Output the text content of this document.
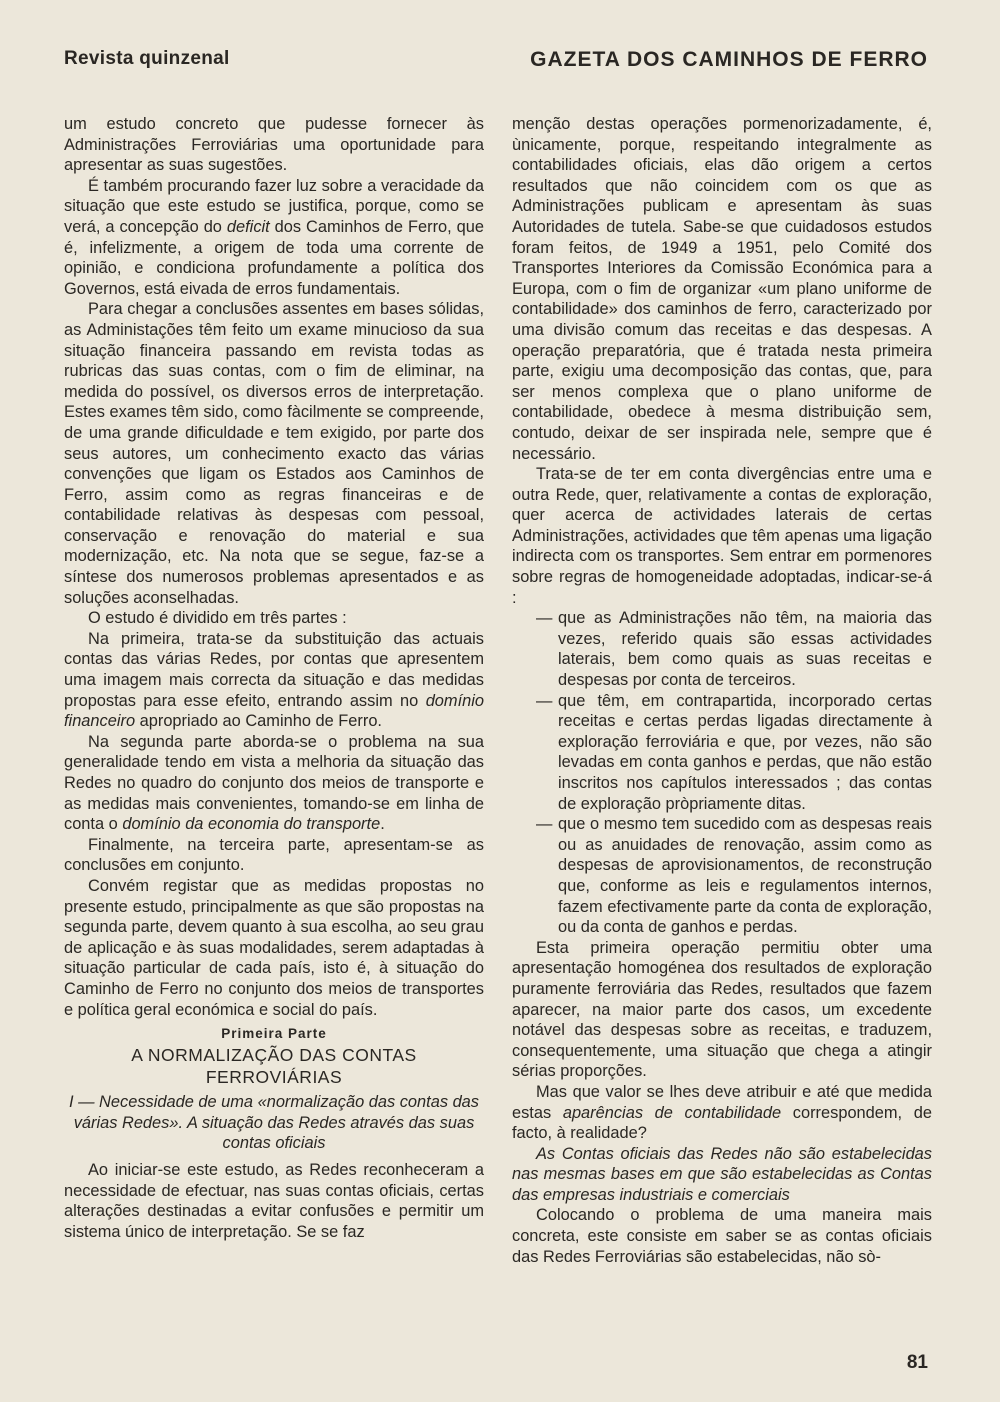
Revista quinzenal	GAZETA DOS CAMINHOS DE FERRO

um estudo concreto que pudesse fornecer às Administrações Ferroviárias uma oportunidade para apresentar as suas sugestões.

É também procurando fazer luz sobre a veracidade da situação que este estudo se justifica, porque, como se verá, a concepção do deficit dos Caminhos de Ferro, que é, infelizmente, a origem de toda uma corrente de opinião, e condiciona profundamente a política dos Governos, está eivada de erros fundamentais.

Para chegar a conclusões assentes em bases sólidas, as Administações têm feito um exame minucioso da sua situação financeira passando em revista todas as rubricas das suas contas, com o fim de eliminar, na medida do possível, os diversos erros de interpretação. Estes exames têm sido, como fàcilmente se compreende, de uma grande dificuldade e tem exigido, por parte dos seus autores, um conhecimento exacto das várias convenções que ligam os Estados aos Caminhos de Ferro, assim como as regras financeiras e de contabilidade relativas às despesas com pessoal, conservação e renovação do material e sua modernização, etc. Na nota que se segue, faz-se a síntese dos numerosos problemas apresentados e as soluções aconselhadas.

O estudo é dividido em três partes :

Na primeira, trata-se da substituição das actuais contas das várias Redes, por contas que apresentem uma imagem mais correcta da situação e das medidas propostas para esse efeito, entrando assim no domínio financeiro apropriado ao Caminho de Ferro.

Na segunda parte aborda-se o problema na sua generalidade tendo em vista a melhoria da situação das Redes no quadro do conjunto dos meios de transporte e as medidas mais convenientes, tomando-se em linha de conta o domínio da economia do transporte.

Finalmente, na terceira parte, apresentam-se as conclusões em conjunto.

Convém registar que as medidas propostas no presente estudo, principalmente as que são propostas na segunda parte, devem quanto à sua escolha, ao seu grau de aplicação e às suas modalidades, serem adaptadas à situação particular de cada país, isto é, à situação do Caminho de Ferro no conjunto dos meios de transportes e política geral económica e social do país.

Primeira Parte
A NORMALIZAÇÃO DAS CONTAS
FERROVIÁRIAS
I — Necessidade de uma «normalização das contas das várias Redes». A situação das Redes através das suas contas oficiais

Ao iniciar-se este estudo, as Redes reconheceram a necessidade de efectuar, nas suas contas oficiais, certas alterações destinadas a evitar confusões e permitir um sistema único de interpretação. Se se faz

menção destas operações pormenorizadamente, é, ùnicamente, porque, respeitando integralmente as contabilidades oficiais, elas dão origem a certos resultados que não coincidem com os que as Administrações publicam e apresentam às suas Autoridades de tutela. Sabe-se que cuidadosos estudos foram feitos, de 1949 a 1951, pelo Comité dos Transportes Interiores da Comissão Económica para a Europa, com o fim de organizar «um plano uniforme de contabilidade» dos caminhos de ferro, caracterizado por uma divisão comum das receitas e das despesas. A operação preparatória, que é tratada nesta primeira parte, exigiu uma decomposição das contas, que, para ser menos complexa que o plano uniforme de contabilidade, obedece à mesma distribuição sem, contudo, deixar de ser inspirada nele, sempre que é necessário.

Trata-se de ter em conta divergências entre uma e outra Rede, quer, relativamente a contas de exploração, quer acerca de actividades laterais de certas Administrações, actividades que têm apenas uma ligação indirecta com os transportes. Sem entrar em pormenores sobre regras de homogeneidade adoptadas, indicar-se-á :

— que as Administrações não têm, na maioria das vezes, referido quais são essas actividades laterais, bem como quais as suas receitas e despesas por conta de terceiros.
— que têm, em contrapartida, incorporado certas receitas e certas perdas ligadas directamente à exploração ferroviária e que, por vezes, não são levadas em conta ganhos e perdas, que não estão inscritos nos capítulos interessados ; das contas de exploração pròpriamente ditas.
— que o mesmo tem sucedido com as despesas reais ou as anuidades de renovação, assim como as despesas de aprovisionamentos, de reconstrução que, conforme as leis e regulamentos internos, fazem efectivamente parte da conta de exploração, ou da conta de ganhos e perdas.

Esta primeira operação permitiu obter uma apresentação homogénea dos resultados de exploração puramente ferroviária das Redes, resultados que fazem aparecer, na maior parte dos casos, um excedente notável das despesas sobre as receitas, e traduzem, consequentemente, uma situação que chega a atingir sérias proporções.

Mas que valor se lhes deve atribuir e até que medida estas aparências de contabilidade correspondem, de facto, à realidade?

As Contas oficiais das Redes não são estabelecidas nas mesmas bases em que são estabelecidas as Contas das empresas industriais e comerciais

Colocando o problema de uma maneira mais concreta, este consiste em saber se as contas oficiais das Redes Ferroviárias são estabelecidas, não sò-

81
